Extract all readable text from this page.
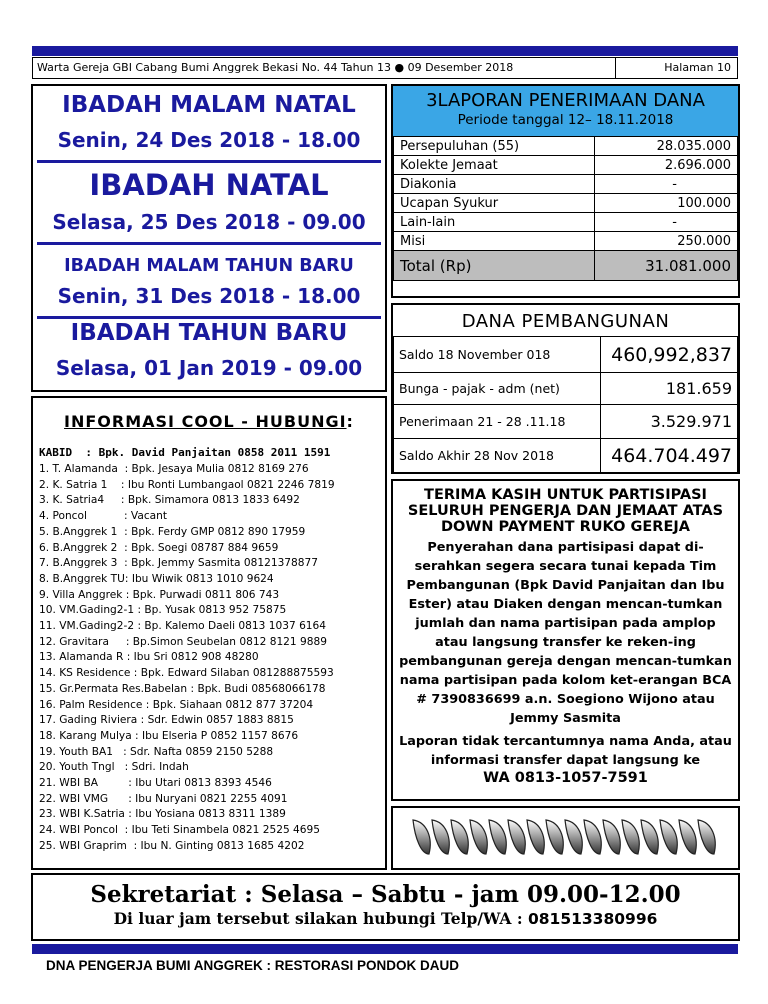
Warta Gereja GBI Cabang Bumi Anggrek Bekasi No. 44 Tahun 13 ● 09 Desember 2018	Halaman 10
IBADAH MALAM NATAL
Senin, 24 Des 2018 - 18.00
IBADAH NATAL
Selasa, 25 Des 2018 - 09.00
IBADAH MALAM TAHUN BARU
Senin, 31 Des 2018 - 18.00
IBADAH TAHUN BARU
Selasa, 01 Jan 2019 - 09.00
INFORMASI COOL - HUBUNGI:
KABID  : Bpk. David Panjaitan 0858 2011 1591
1. T. Alamanda  : Bpk. Jesaya Mulia 0812 8169 276
2. K. Satria 1    : Ibu Ronti Lumbangaol 0821 2246 7819
3. K. Satria4     : Bpk. Simamora 0813 1833 6492
4. Poncol           : Vacant
5. B.Anggrek 1  : Bpk. Ferdy GMP 0812 890 17959
6. B.Anggrek 2  : Bpk. Soegi 08787 884 9659
7. B.Anggrek 3  : Bpk. Jemmy Sasmita 08121378877
8. B.Anggrek TU: Ibu Wiwik 0813 1010 9624
9. Villa Anggrek : Bpk. Purwadi 0811 806 743
10. VM.Gading2-1 : Bp. Yusak 0813 952 75875
11. VM.Gading2-2 : Bp. Kalemo Daeli 0813 1037 6164
12. Gravitara     : Bp.Simon Seubelan 0812 8121 9889
13. Alamanda R : Ibu Sri 0812 908 48280
14. KS Residence : Bpk. Edward Silaban 081288875593
15. Gr.Permata Res.Babelan : Bpk. Budi 08568066178
16. Palm Residence : Bpk. Siahaan 0812 877 37204
17. Gading Riviera : Sdr. Edwin 0857 1883 8815
18. Karang Mulya : Ibu Elseria P 0852 1157 8676
19. Youth BA1   : Sdr. Nafta 0859 2150 5288
20. Youth Tngl   : Sdri. Indah
21. WBI BA         : Ibu Utari 0813 8393 4546
22. WBI VMG      : Ibu Nuryani 0821 2255 4091
23. WBI K.Satria : Ibu Yosiana 0813 8311 1389
24. WBI Poncol  : Ibu Teti Sinambela 0821 2525 4695
25. WBI Graprim  : Ibu N. Ginting 0813 1685 4202
3LAPORAN PENERIMAAN DANA
Periode tanggal 12– 18.11.2018
Persepuluhan (55)	28.035.000
Kolekte Jemaat	2.696.000
Diakonia	-
Ucapan Syukur	100.000
Lain-lain	-
Misi	250.000
Total (Rp)	31.081.000
DANA PEMBANGUNAN
Saldo 18 November 018	460,992,837
Bunga - pajak - adm (net)	181.659
Penerimaan 21 - 28 .11.18	3.529.971
Saldo Akhir 28 Nov 2018	464.704.497
TERIMA KASIH UNTUK PARTISIPASI SELURUH PENGERJA DAN JEMAAT ATAS DOWN PAYMENT RUKO GEREJA
Penyerahan dana partisipasi dapat di-serahkan segera secara tunai kepada Tim Pembangunan (Bpk David Panjaitan dan Ibu Ester) atau Diaken dengan mencan-tumkan jumlah dan nama partisipan pada amplop atau langsung transfer ke reken-ing pembangunan gereja dengan mencan-tumkan nama partisipan pada kolom ket-erangan BCA # 7390836699 a.n. Soegiono Wijono atau Jemmy Sasmita
Laporan tidak tercantumnya nama Anda, atau informasi transfer dapat langsung ke
WA 0813-1057-7591
Sekretariat : Selasa – Sabtu - jam 09.00-12.00
Di luar jam tersebut silakan hubungi Telp/WA : 081513380996
DNA PENGERJA BUMI ANGGREK : RESTORASI PONDOK DAUD
